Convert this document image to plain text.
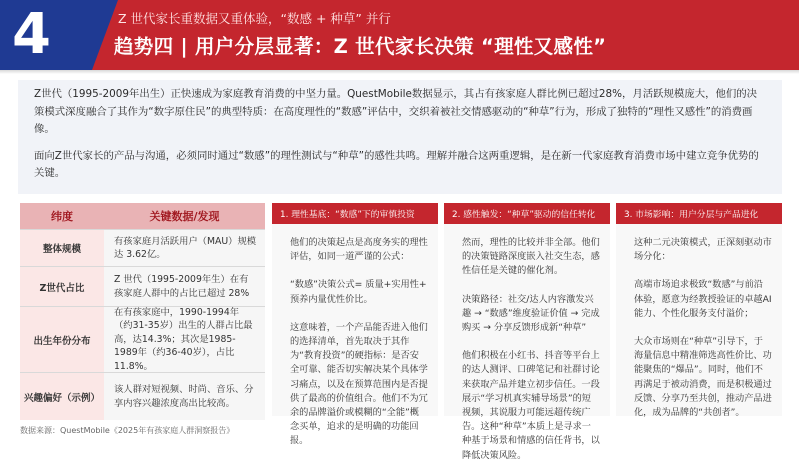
4	Z 世代家长重数据又重体验，“数感 + 种草” 并行
趋势四 | 用户分层显著：Z 世代家长决策 “理性又感性”

Z世代（1995-2009年出生）正快速成为家庭教育消费的中坚力量。QuestMobile数据显示，其占有孩家庭人群比例已超过28%，月活跃规模庞大，他们的决策模式深度融合了其作为“数字原住民”的典型特质：在高度理性的“数感”评估中，交织着被社交情感驱动的“种草”行为，形成了独特的“理性又感性”的消费画像。

面向Z世代家长的产品与沟通，必须同时通过“数感”的理性测试与“种草”的感性共鸣。理解并融合这两重逻辑，是在新一代家庭教育消费市场中建立竞争优势的关键。

纬度	关键数据/发现
整体规模
有孩家庭月活跃用户（MAU）规模达 3.62亿。
Z世代占比
Z 世代（1995-2009年生）在有孩家庭人群中的占比已超过 28%
出生年份分布
在有孩家庭中，1990-1994年（约31-35岁）出生的人群占比最高，达14.3%；其次是1985-1989年（约36-40岁），占比11.8%。
兴趣偏好（示例）
该人群对短视频、时尚、音乐、分享内容兴趣浓度高出比较高。
1. 理性基底：“数感”下的审慎投资

他们的决策起点是高度务实的理性评估，如同一道严谨的公式：

“数感”决策公式= 质量+实用性+ 预养内量优性价比。

这意味着，一个产品能否进入他们的选择清单，首先取决于其作为“教育投资”的硬指标：是否安全可靠、能否切实解决某个具体学习痛点，以及在预算范围内是否提供了最高的价值组合。他们不为冗余的品牌溢价或模糊的“全能”概念买单，追求的是明确的功能回报。

2. 感性触发：“种草”驱动的信任转化

然而，理性的比较并非全部。他们的决策链路深度嵌入社交生态，感性信任是关键的催化剂。

决策路径：社交/达人内容激发兴趣 → “数感”维度验证价值 → 完成购买 → 分享反馈形成新“种草”

他们积极在小红书、抖音等平台上的达人测评、口碑笔记和社群讨论来获取产品并建立初步信任。一段展示“学习机真实辅导场景”的短视频，其说服力可能远超传统广告。这种“种草”本质上是寻求一种基于场景和情感的信任背书，以降低决策风险。

3. 市场影响：用户分层与产品进化

这种二元决策模式，正深刻驱动市场分化：

高端市场追求极致“数感”与前沿体验，愿意为经教授验证的卓越AI能力、个性化服务支付溢价；

大众市场则在“种草”引导下，于海量信息中精准筛选高性价比、功能聚焦的“爆品”。同时，他们不再满足于被动消费，而是积极通过反馈、分享乃至共创，推动产品进化，成为品牌的“共创者”。

数据来源：QuestMobile《2025年有孩家庭人群洞察报告》
